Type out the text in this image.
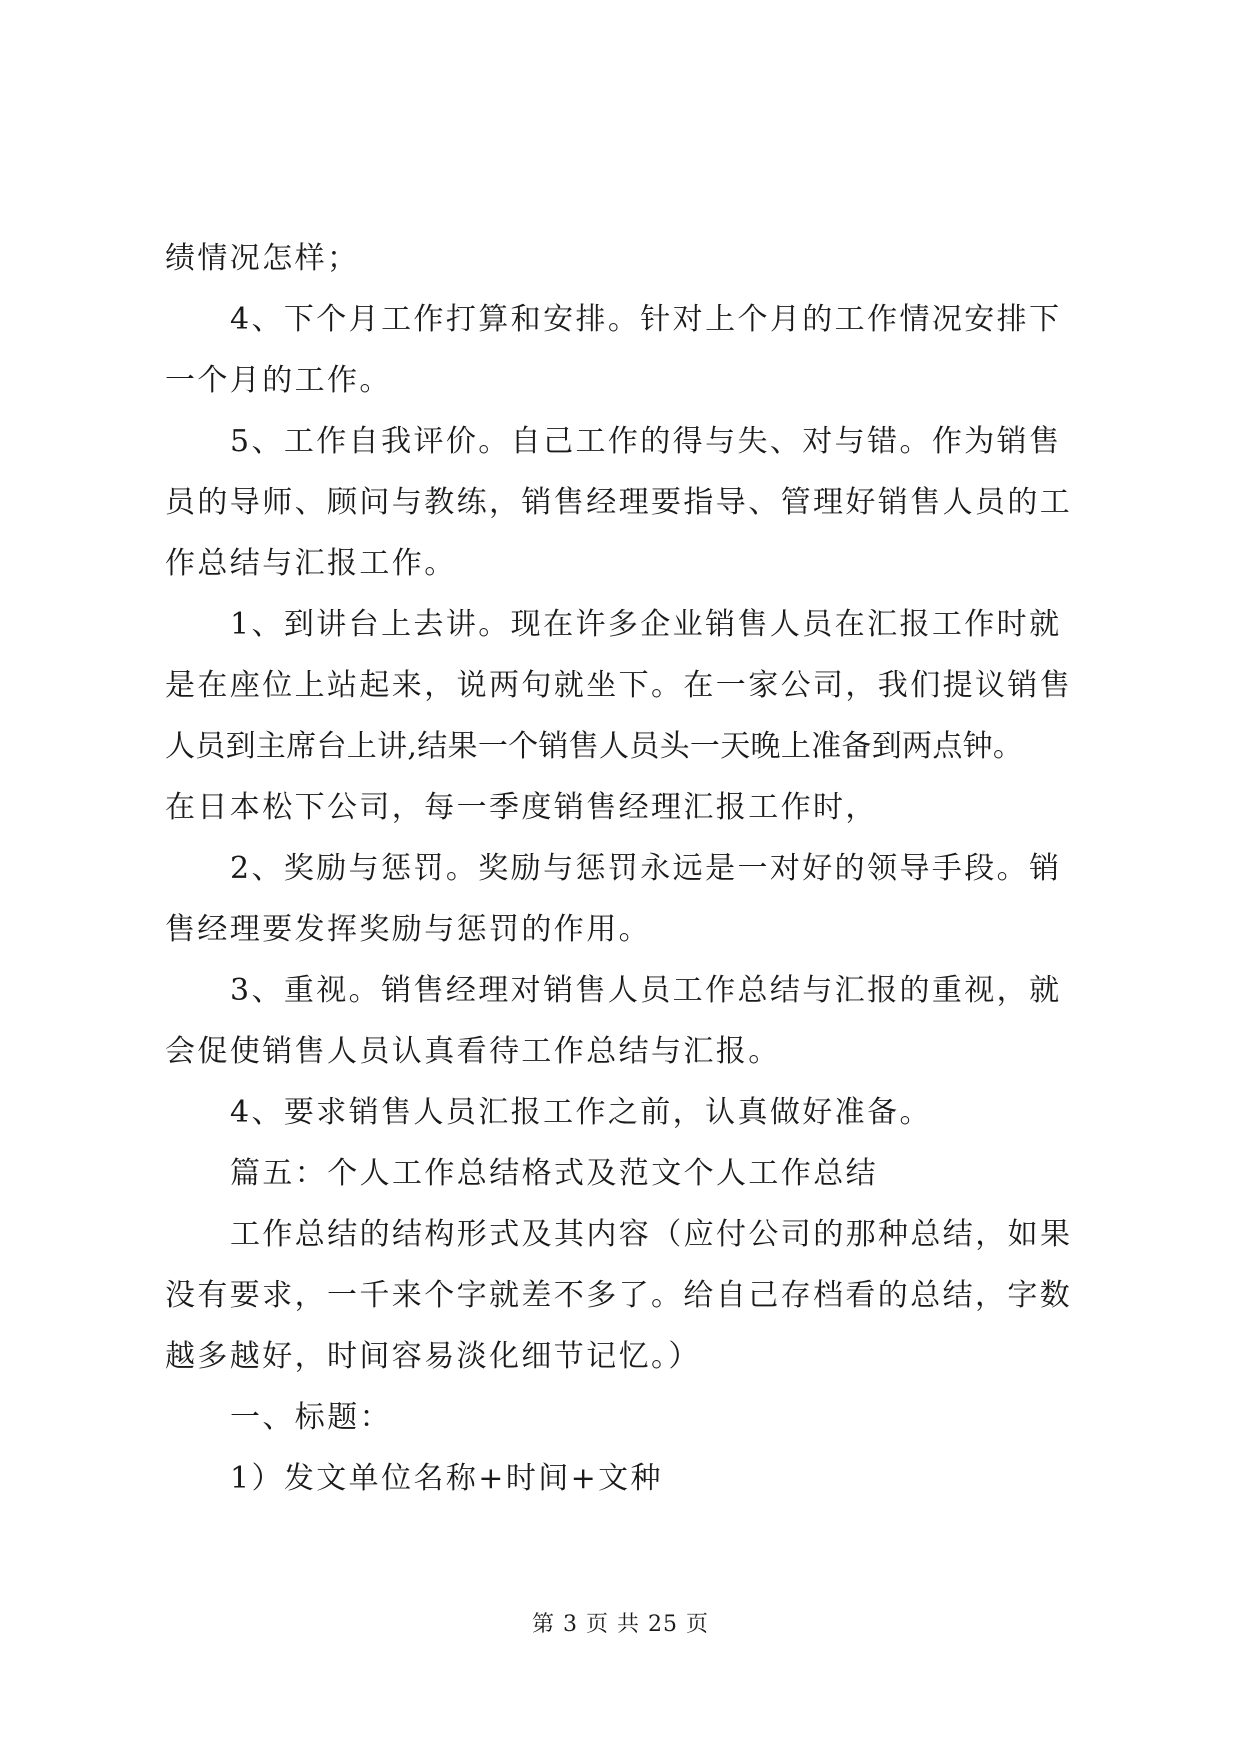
绩情况怎样；
4、下个月工作打算和安排。针对上个月的工作情况安排下
一个月的工作。
5、工作自我评价。自己工作的得与失、对与错。作为销售
员的导师、顾问与教练，销售经理要指导、管理好销售人员的工
作总结与汇报工作。
1、到讲台上去讲。现在许多企业销售人员在汇报工作时就
是在座位上站起来，说两句就坐下。在一家公司，我们提议销售
人员到主席台上讲,结果一个销售人员头一天晚上准备到两点钟。
在日本松下公司，每一季度销售经理汇报工作时，
2、奖励与惩罚。奖励与惩罚永远是一对好的领导手段。销
售经理要发挥奖励与惩罚的作用。
3、重视。销售经理对销售人员工作总结与汇报的重视，就
会促使销售人员认真看待工作总结与汇报。
4、要求销售人员汇报工作之前，认真做好准备。
篇五：个人工作总结格式及范文个人工作总结
工作总结的结构形式及其内容（应付公司的那种总结，如果
没有要求，一千来个字就差不多了。给自己存档看的总结，字数
越多越好，时间容易淡化细节记忆。）
一、标题：
1）发文单位名称+时间+文种
第 3 页 共 25 页
